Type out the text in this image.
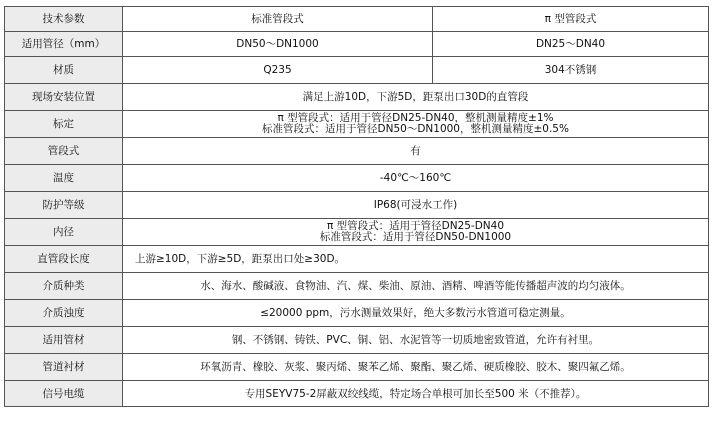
技术参数	标准管段式	π 型管段式
适用管径（mm）	DN50～DN1000	DN25～DN40
材质	Q235	304不锈钢
现场安装位置	满足上游10D，下游5D，距泵出口30D的直管段	
标定	π 型管段式：适用于管径DN25-DN40，整机测量精度±1%
标准管段式：适用于管径DN50～DN1000，整机测量精度±0.5%	

管段式	有	
温度	-40℃～160℃	
防护等级	IP68(可浸水工作)	
内径	π 型管段式：适用于管径DN25-DN40
标准管段式：适用于管径DN50-DN1000	

直管段长度	上游≥10D，下游≥5D，距泵出口处≥30D。	
介质种类	水、海水、酸碱液、食物油、汽、煤、柴油、原油、酒精、啤酒等能传播超声波的均匀液体。	
介质浊度	≤20000 ppm，污水测量效果好，绝大多数污水管道可稳定测量。	
适用管材	钢、不锈钢、铸铁、PVC、铜、铝、水泥管等一切质地密致管道，允许有衬里。	
管道衬材	环氧沥青、橡胶、灰浆、聚丙烯、聚苯乙烯、聚酯、聚乙烯、硬质橡胶、胶木、聚四氟乙烯。	
信号电缆	专用SEYV75-2屏蔽双绞线缆，特定场合单根可加长至500 米（不推荐）。	
